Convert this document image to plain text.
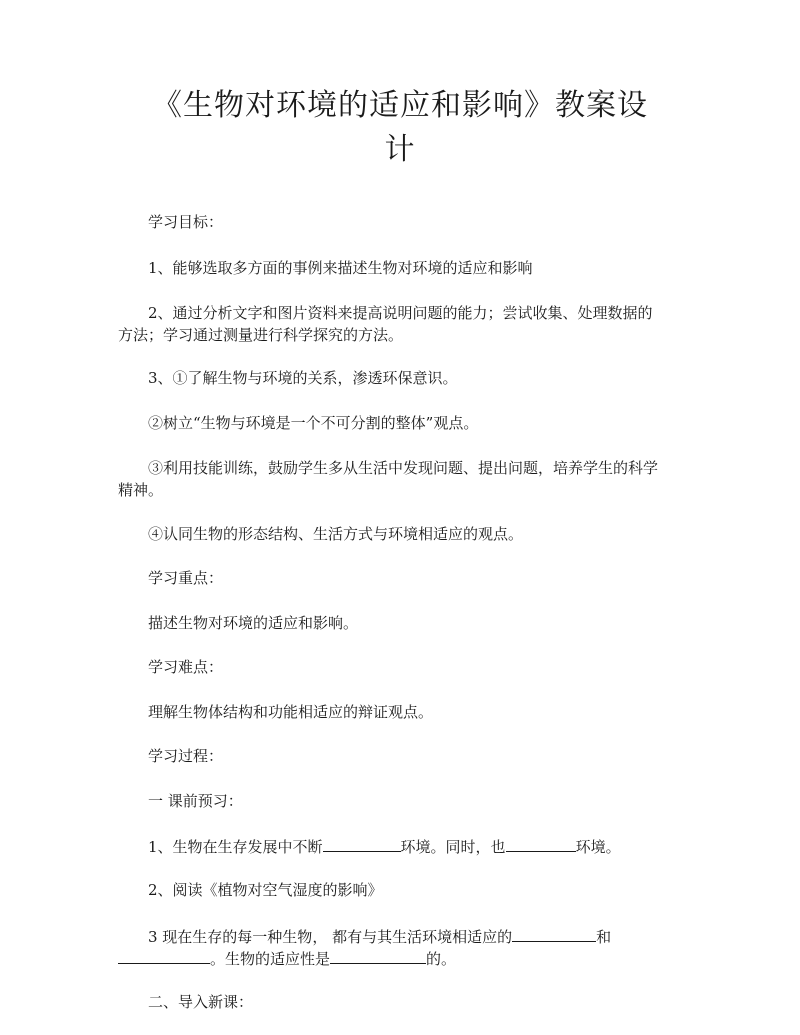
《生物对环境的适应和影响》教案设
计
学习目标：
1、能够选取多方面的事例来描述生物对环境的适应和影响
2、通过分析文字和图片资料来提高说明问题的能力；尝试收集、处理数据的
方法；学习通过测量进行科学探究的方法。
3、①了解生物与环境的关系，渗透环保意识。
②树立“生物与环境是一个不可分割的整体”观点。
③利用技能训练，鼓励学生多从生活中发现问题、提出问题，培养学生的科学
精神。
④认同生物的形态结构、生活方式与环境相适应的观点。
学习重点：
描述生物对环境的适应和影响。
学习难点：
理解生物体结构和功能相适应的辩证观点。
学习过程：
一 课前预习：
1、生物在生存发展中不断	环境。同时，也	环境。
2、阅读《植物对空气湿度的影响》
3 现在生存的每一种生物， 都有与其生活环境相适应的	和
。生物的适应性是	的。
二、导入新课：
